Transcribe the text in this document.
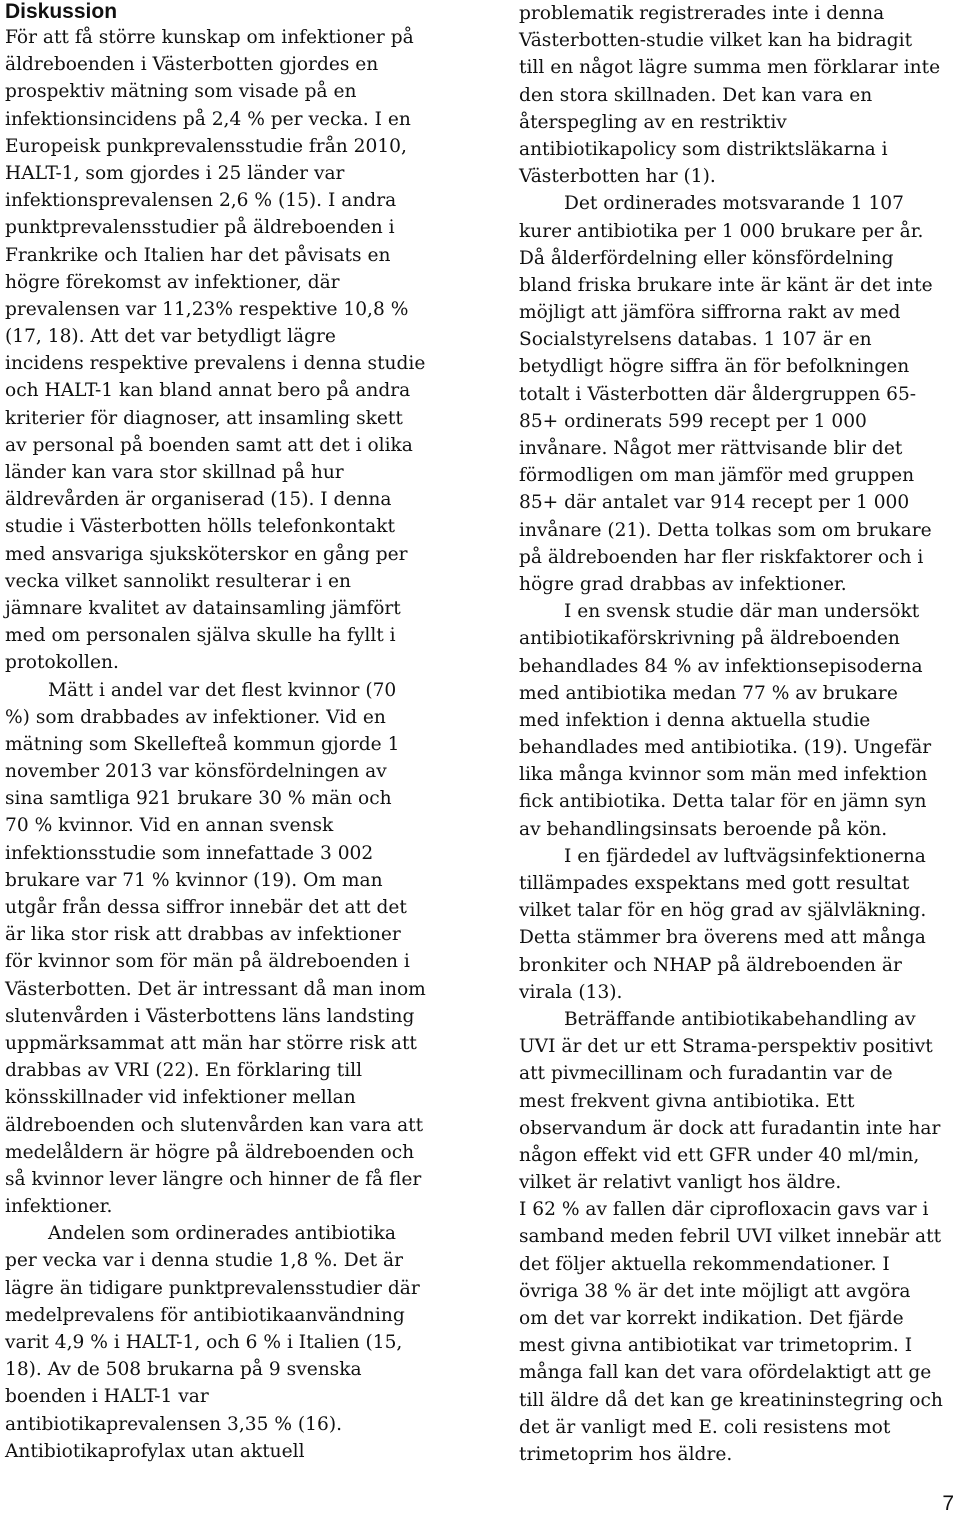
Diskussion
För att få större kunskap om infektioner på
äldreboenden i Västerbotten gjordes en
prospektiv mätning som visade på en
infektionsincidens på 2,4 % per vecka. I en
Europeisk punkprevalensstudie från 2010,
HALT-1, som gjordes i 25 länder var
infektionsprevalensen 2,6 % (15). I andra
punktprevalensstudier på äldreboenden i
Frankrike och Italien har det påvisats en
högre förekomst av infektioner, där
prevalensen var 11,23% respektive 10,8 %
(17, 18). Att det var betydligt lägre
incidens respektive prevalens i denna studie
och HALT-1 kan bland annat bero på andra
kriterier för diagnoser, att insamling skett
av personal på boenden samt att det i olika
länder kan vara stor skillnad på hur
äldrevården är organiserad (15). I denna
studie i Västerbotten hölls telefonkontakt
med ansvariga sjuksköterskor en gång per
vecka vilket sannolikt resulterar i en
jämnare kvalitet av datainsamling jämfört
med om personalen själva skulle ha fyllt i
protokollen.
Mätt i andel var det flest kvinnor (70
%) som drabbades av infektioner. Vid en
mätning som Skellefteå kommun gjorde 1
november 2013 var könsfördelningen av
sina samtliga 921 brukare 30 % män och
70 % kvinnor. Vid en annan svensk
infektionsstudie som innefattade 3 002
brukare var 71 % kvinnor (19). Om man
utgår från dessa siffror innebär det att det
är lika stor risk att drabbas av infektioner
för kvinnor som för män på äldreboenden i
Västerbotten. Det är intressant då man inom
slutenvården i Västerbottens läns landsting
uppmärksammat att män har större risk att
drabbas av VRI (22). En förklaring till
könsskillnader vid infektioner mellan
äldreboenden och slutenvården kan vara att
medelåldern är högre på äldreboenden och
så kvinnor lever längre och hinner de få fler
infektioner.
Andelen som ordinerades antibiotika
per vecka var i denna studie 1,8 %. Det är
lägre än tidigare punktprevalensstudier där
medelprevalens för antibiotikaanvändning
varit 4,9 % i HALT-1, och 6 % i Italien (15,
18). Av de 508 brukarna på 9 svenska
boenden i HALT-1 var
antibiotikaprevalensen 3,35 % (16).
Antibiotikaprofylax utan aktuell
problematik registrerades inte i denna
Västerbotten-studie vilket kan ha bidragit
till en något lägre summa men förklarar inte
den stora skillnaden. Det kan vara en
återspegling av en restriktiv
antibiotikapolicy som distriktsläkarna i
Västerbotten har (1).
Det ordinerades motsvarande 1 107
kurer antibiotika per 1 000 brukare per år.
Då ålderfördelning eller könsfördelning
bland friska brukare inte är känt är det inte
möjligt att jämföra siffrorna rakt av med
Socialstyrelsens databas. 1 107 är en
betydligt högre siffra än för befolkningen
totalt i Västerbotten där åldergruppen 65-
85+ ordinerats 599 recept per 1 000
invånare. Något mer rättvisande blir det
förmodligen om man jämför med gruppen
85+ där antalet var 914 recept per 1 000
invånare (21). Detta tolkas som om brukare
på äldreboenden har fler riskfaktorer och i
högre grad drabbas av infektioner.
I en svensk studie där man undersökt
antibiotikaförskrivning på äldreboenden
behandlades 84 % av infektionsepisoderna
med antibiotika medan 77 % av brukare
med infektion i denna aktuella studie
behandlades med antibiotika. (19). Ungefär
lika många kvinnor som män med infektion
fick antibiotika. Detta talar för en jämn syn
av behandlingsinsats beroende på kön.
I en fjärdedel av luftvägsinfektionerna
tillämpades exspektans med gott resultat
vilket talar för en hög grad av självläkning.
Detta stämmer bra överens med att många
bronkiter och NHAP på äldreboenden är
virala (13).
Beträffande antibiotikabehandling av
UVI är det ur ett Strama-perspektiv positivt
att pivmecillinam och furadantin var de
mest frekvent givna antibiotika. Ett
observandum är dock att furadantin inte har
någon effekt vid ett GFR under 40 ml/min,
vilket är relativt vanligt hos äldre.
I 62 % av fallen där ciprofloxacin gavs var i
samband meden febril UVI vilket innebär att
det följer aktuella rekommendationer. I
övriga 38 % är det inte möjligt att avgöra
om det var korrekt indikation. Det fjärde
mest givna antibiotikat var trimetoprim. I
många fall kan det vara ofördelaktigt att ge
till äldre då det kan ge kreatininstegring och
det är vanligt med E. coli resistens mot
trimetoprim hos äldre.
7
